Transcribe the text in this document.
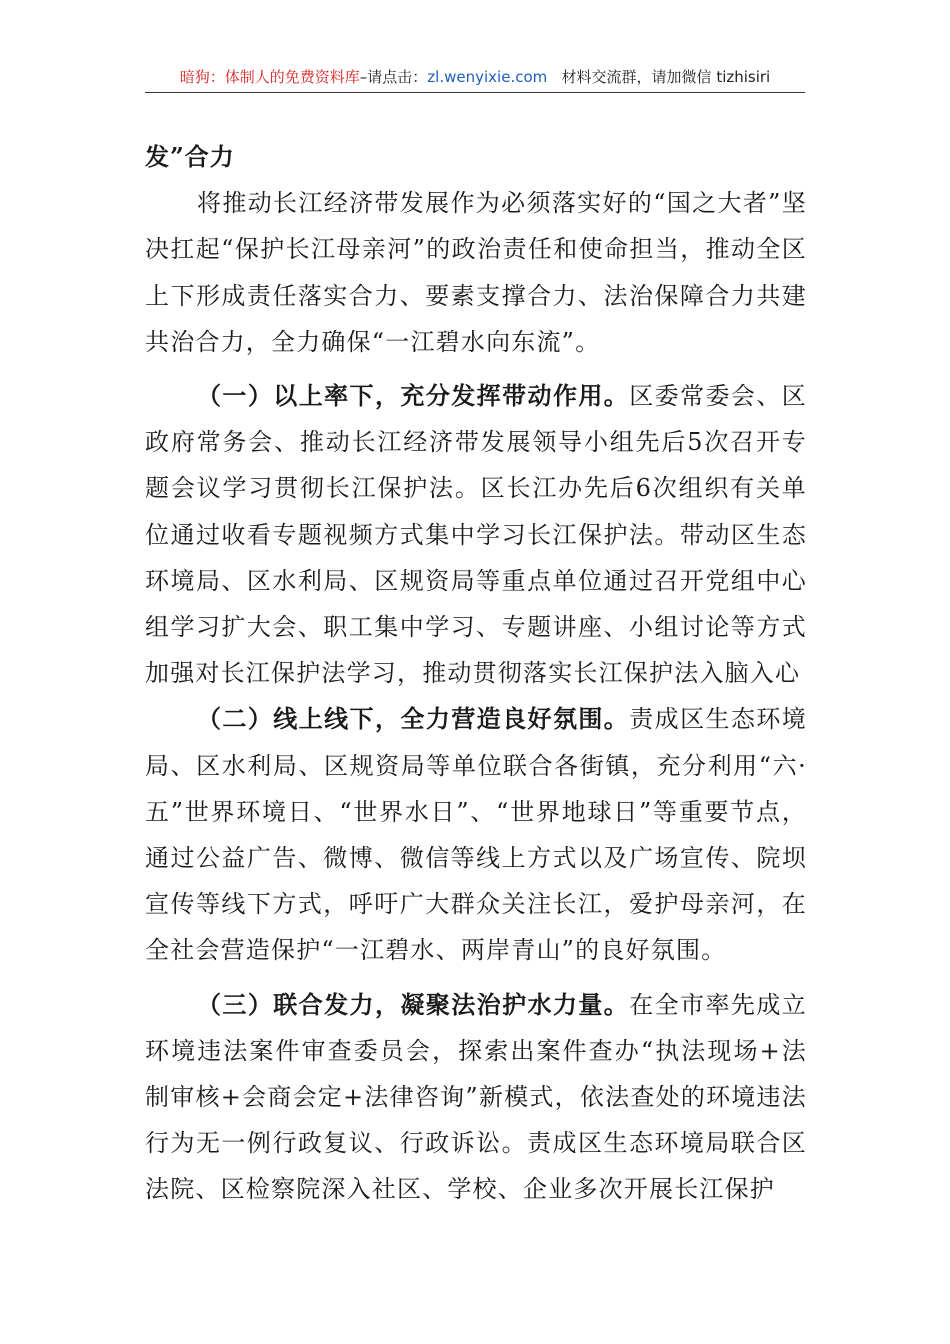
暗狗：体制人的免费资料库–请点击：zl.wenyixie.com 材料交流群，请加微信 tizhisiri

发”合力

将推动长江经济带发展作为必须落实好的“国之大者”坚决扛起“保护长江母亲河”的政治责任和使命担当，推动全区上下形成责任落实合力、要素支撑合力、法治保障合力共建共治合力，全力确保“一江碧水向东流”。

（一）以上率下，充分发挥带动作用。区委常委会、区政府常务会、推动长江经济带发展领导小组先后5次召开专题会议学习贯彻长江保护法。区长江办先后6次组织有关单位通过收看专题视频方式集中学习长江保护法。带动区生态环境局、区水利局、区规资局等重点单位通过召开党组中心组学习扩大会、职工集中学习、专题讲座、小组讨论等方式加强对长江保护法学习，推动贯彻落实长江保护法入脑入心

（二）线上线下，全力营造良好氛围。责成区生态环境局、区水利局、区规资局等单位联合各街镇，充分利用“六·五”世界环境日、“世界水日”、“世界地球日”等重要节点，通过公益广告、微博、微信等线上方式以及广场宣传、院坝宣传等线下方式，呼吁广大群众关注长江，爱护母亲河，在全社会营造保护“一江碧水、两岸青山”的良好氛围。

（三）联合发力，凝聚法治护水力量。在全市率先成立环境违法案件审查委员会，探索出案件查办“执法现场+法制审核+会商会定+法律咨询”新模式，依法查处的环境违法行为无一例行政复议、行政诉讼。责成区生态环境局联合区法院、区检察院深入社区、学校、企业多次开展长江保护
